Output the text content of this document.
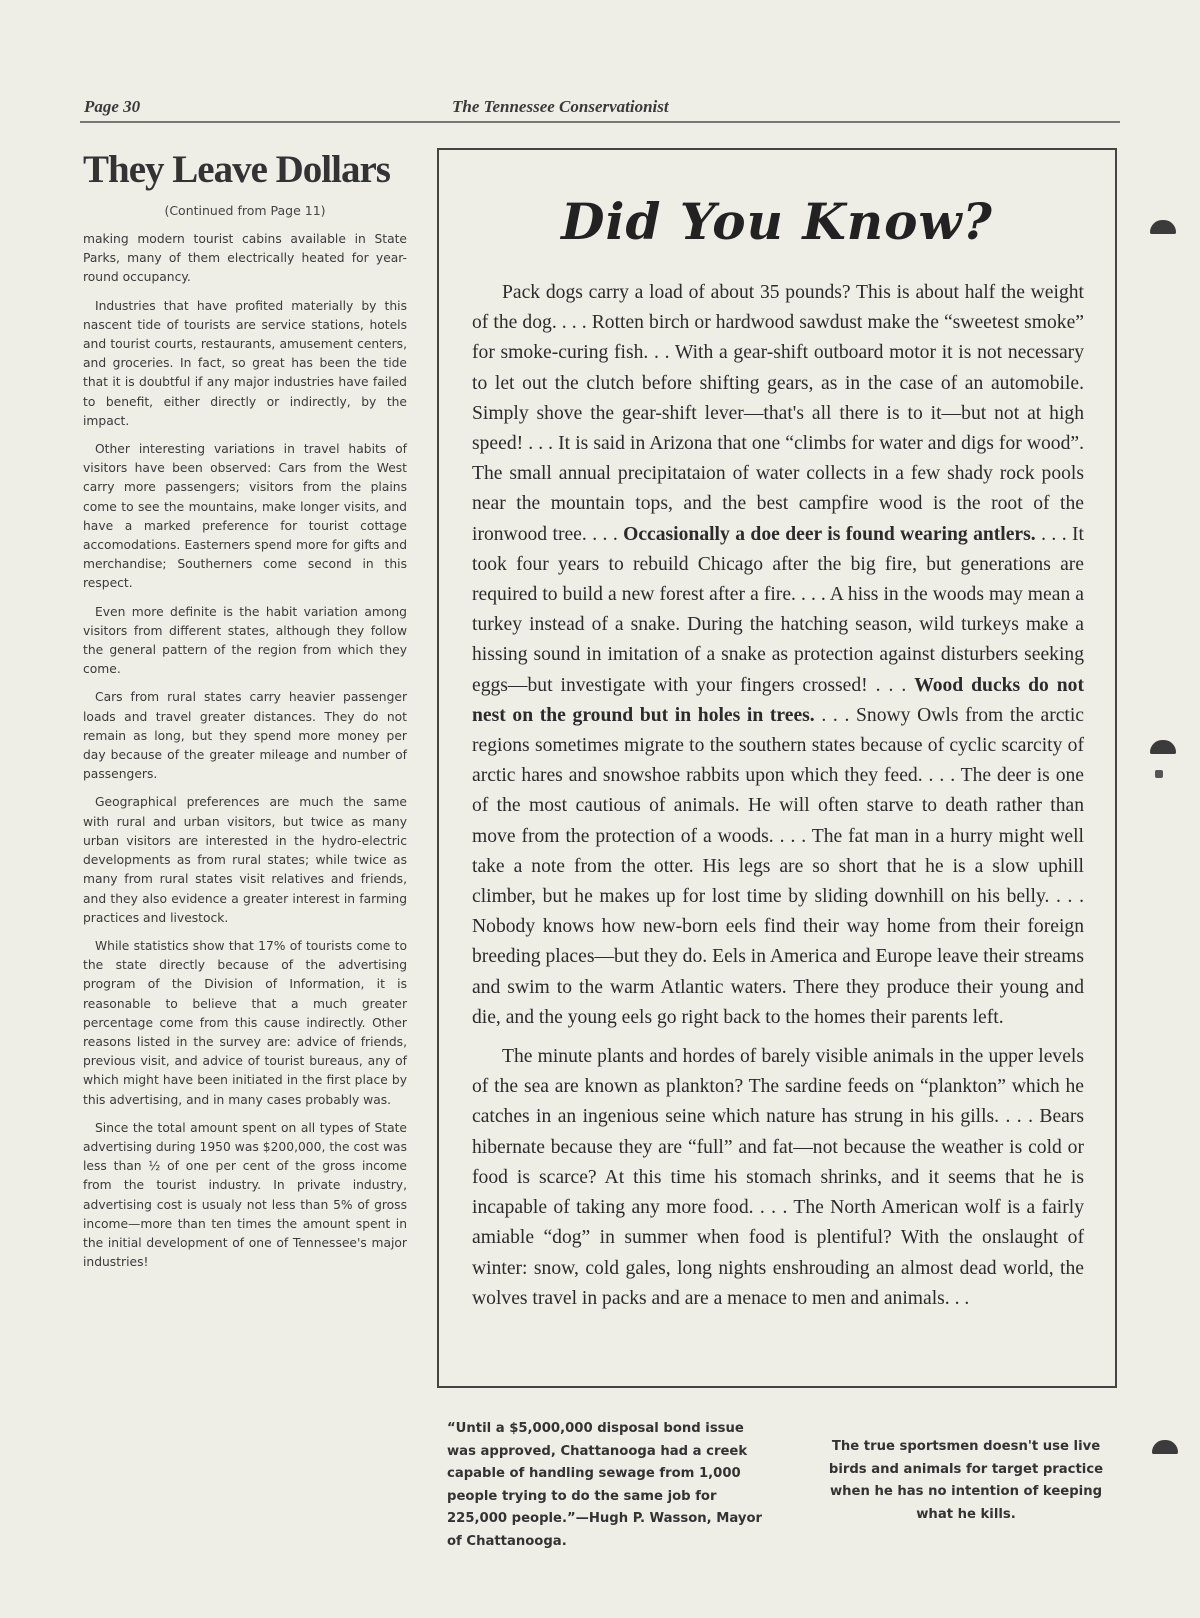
Page 30	The Tennessee Conservationist
They Leave Dollars
(Continued from Page 11)

making modern tourist cabins available in State Parks, many of them electrically heated for year-round occupancy.

Industries that have profited materially by this nascent tide of tourists are service stations, hotels and tourist courts, restaurants, amusement centers, and groceries. In fact, so great has been the tide that it is doubtful if any major industries have failed to benefit, either directly or indirectly, by the impact.

Other interesting variations in travel habits of visitors have been observed: Cars from the West carry more passengers; visitors from the plains come to see the mountains, make longer visits, and have a marked preference for tourist cottage accomodations. Easterners spend more for gifts and merchandise; Southerners come second in this respect.

Even more definite is the habit variation among visitors from different states, although they follow the general pattern of the region from which they come.

Cars from rural states carry heavier passenger loads and travel greater distances. They do not remain as long, but they spend more money per day because of the greater mileage and number of passengers.

Geographical preferences are much the same with rural and urban visitors, but twice as many urban visitors are interested in the hydro-electric developments as from rural states; while twice as many from rural states visit relatives and friends, and they also evidence a greater interest in farming practices and livestock.

While statistics show that 17% of tourists come to the state directly because of the advertising program of the Division of Information, it is reasonable to believe that a much greater percentage come from this cause indirectly. Other reasons listed in the survey are: advice of friends, previous visit, and advice of tourist bureaus, any of which might have been initiated in the first place by this advertising, and in many cases probably was.

Since the total amount spent on all types of State advertising during 1950 was $200,000, the cost was less than ½ of one per cent of the gross income from the tourist industry. In private industry, advertising cost is usualy not less than 5% of gross income—more than ten times the amount spent in the initial development of one of Tennessee's major industries!

Did You Know?

Pack dogs carry a load of about 35 pounds? This is about half the weight of the dog. . . . Rotten birch or hardwood sawdust make the “sweetest smoke” for smoke-curing fish. . . With a gear-shift outboard motor it is not necessary to let out the clutch before shifting gears, as in the case of an automobile. Simply shove the gear-shift lever—that's all there is to it—but not at high speed! . . . It is said in Arizona that one “climbs for water and digs for wood”. The small annual precipitataion of water collects in a few shady rock pools near the mountain tops, and the best campfire wood is the root of the ironwood tree. . . . Occasionally a doe deer is found wearing antlers. . . . It took four years to rebuild Chicago after the big fire, but generations are required to build a new forest after a fire. . . . A hiss in the woods may mean a turkey instead of a snake. During the hatching season, wild turkeys make a hissing sound in imitation of a snake as protection against disturbers seeking eggs—but investigate with your fingers crossed! . . . Wood ducks do not nest on the ground but in holes in trees. . . . Snowy Owls from the arctic regions sometimes migrate to the southern states because of cyclic scarcity of arctic hares and snowshoe rabbits upon which they feed. . . . The deer is one of the most cautious of animals. He will often starve to death rather than move from the protection of a woods. . . . The fat man in a hurry might well take a note from the otter. His legs are so short that he is a slow uphill climber, but he makes up for lost time by sliding downhill on his belly. . . . Nobody knows how new-born eels find their way home from their foreign breeding places—but they do. Eels in America and Europe leave their streams and swim to the warm Atlantic waters. There they produce their young and die, and the young eels go right back to the homes their parents left.

The minute plants and hordes of barely visible animals in the upper levels of the sea are known as plankton? The sardine feeds on “plankton” which he catches in an ingenious seine which nature has strung in his gills. . . . Bears hibernate because they are “full” and fat—not because the weather is cold or food is scarce? At this time his stomach shrinks, and it seems that he is incapable of taking any more food. . . . The North American wolf is a fairly amiable “dog” in summer when food is plentiful? With the onslaught of winter: snow, cold gales, long nights enshrouding an almost dead world, the wolves travel in packs and are a menace to men and animals. . .

“Until a $5,000,000 disposal bond issue was approved, Chattanooga had a creek capable of handling sewage from 1,000 people trying to do the same job for 225,000 people.”—Hugh P. Wasson, Mayor of Chattanooga.
The true sportsmen doesn't use live birds and animals for target practice when he has no intention of keeping what he kills.
